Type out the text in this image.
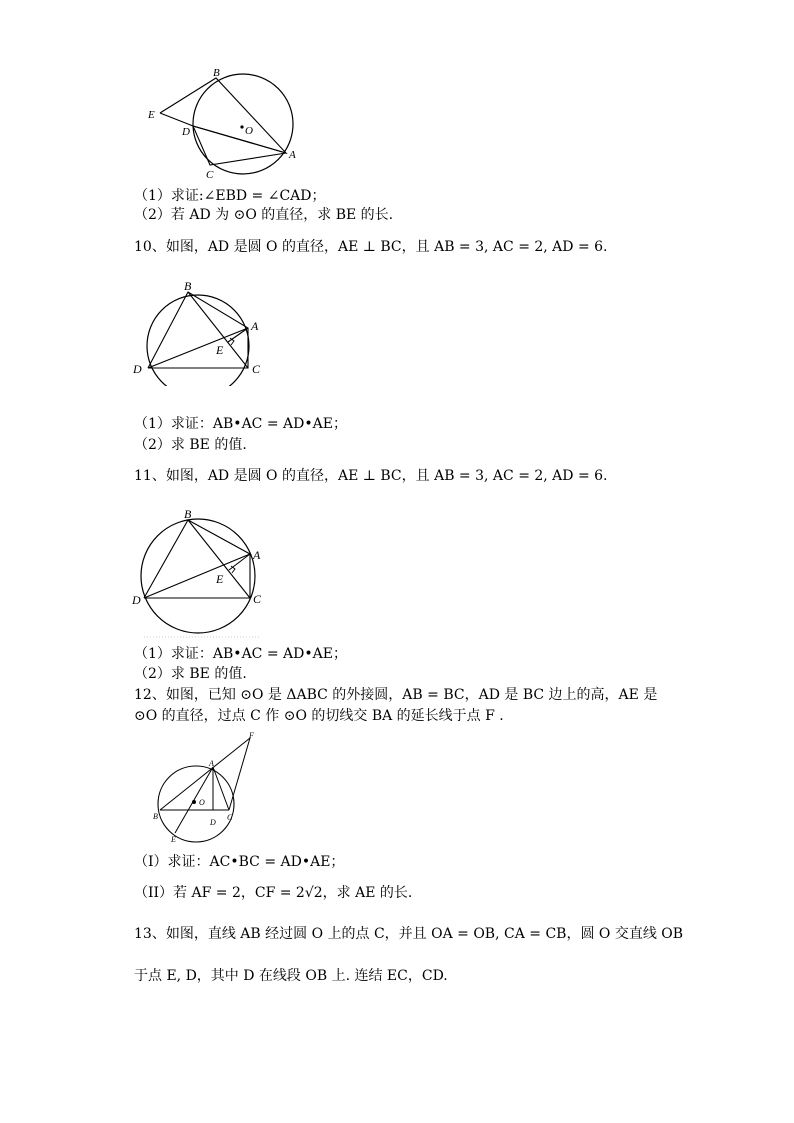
B
E
D	O
C
A
（1）求证:∠EBD = ∠CAD；
（2）若 AD 为 ⊙O 的直径，求 BE 的长.
10、如图，AD 是圆 O 的直径，AE ⊥ BC，且 AB = 3, AC = 2, AD = 6.
B
A
E
D	C
（1）求证：AB•AC = AD•AE；
（2）求 BE 的值.
11、如图，AD 是圆 O 的直径，AE ⊥ BC，且 AB = 3, AC = 2, AD = 6.
B
A
E
D	C
（1）求证：AB•AC = AD•AE；
（2）求 BE 的值.
12、如图，已知 ⊙O 是 ΔABC 的外接圆，AB = BC，AD 是 BC 边上的高，AE 是
⊙O 的直径，过点 C 作 ⊙O 的切线交 BA 的延长线于点 F .
F
A
O
B
E
D
C
（I）求证：AC•BC = AD•AE；
（II）若 AF = 2，CF = 2√2，求 AE 的长.
13、如图，直线 AB 经过圆 O 上的点 C，并且 OA = OB, CA = CB，圆 O 交直线 OB
于点 E, D，其中 D 在线段 OB 上. 连结 EC，CD.
